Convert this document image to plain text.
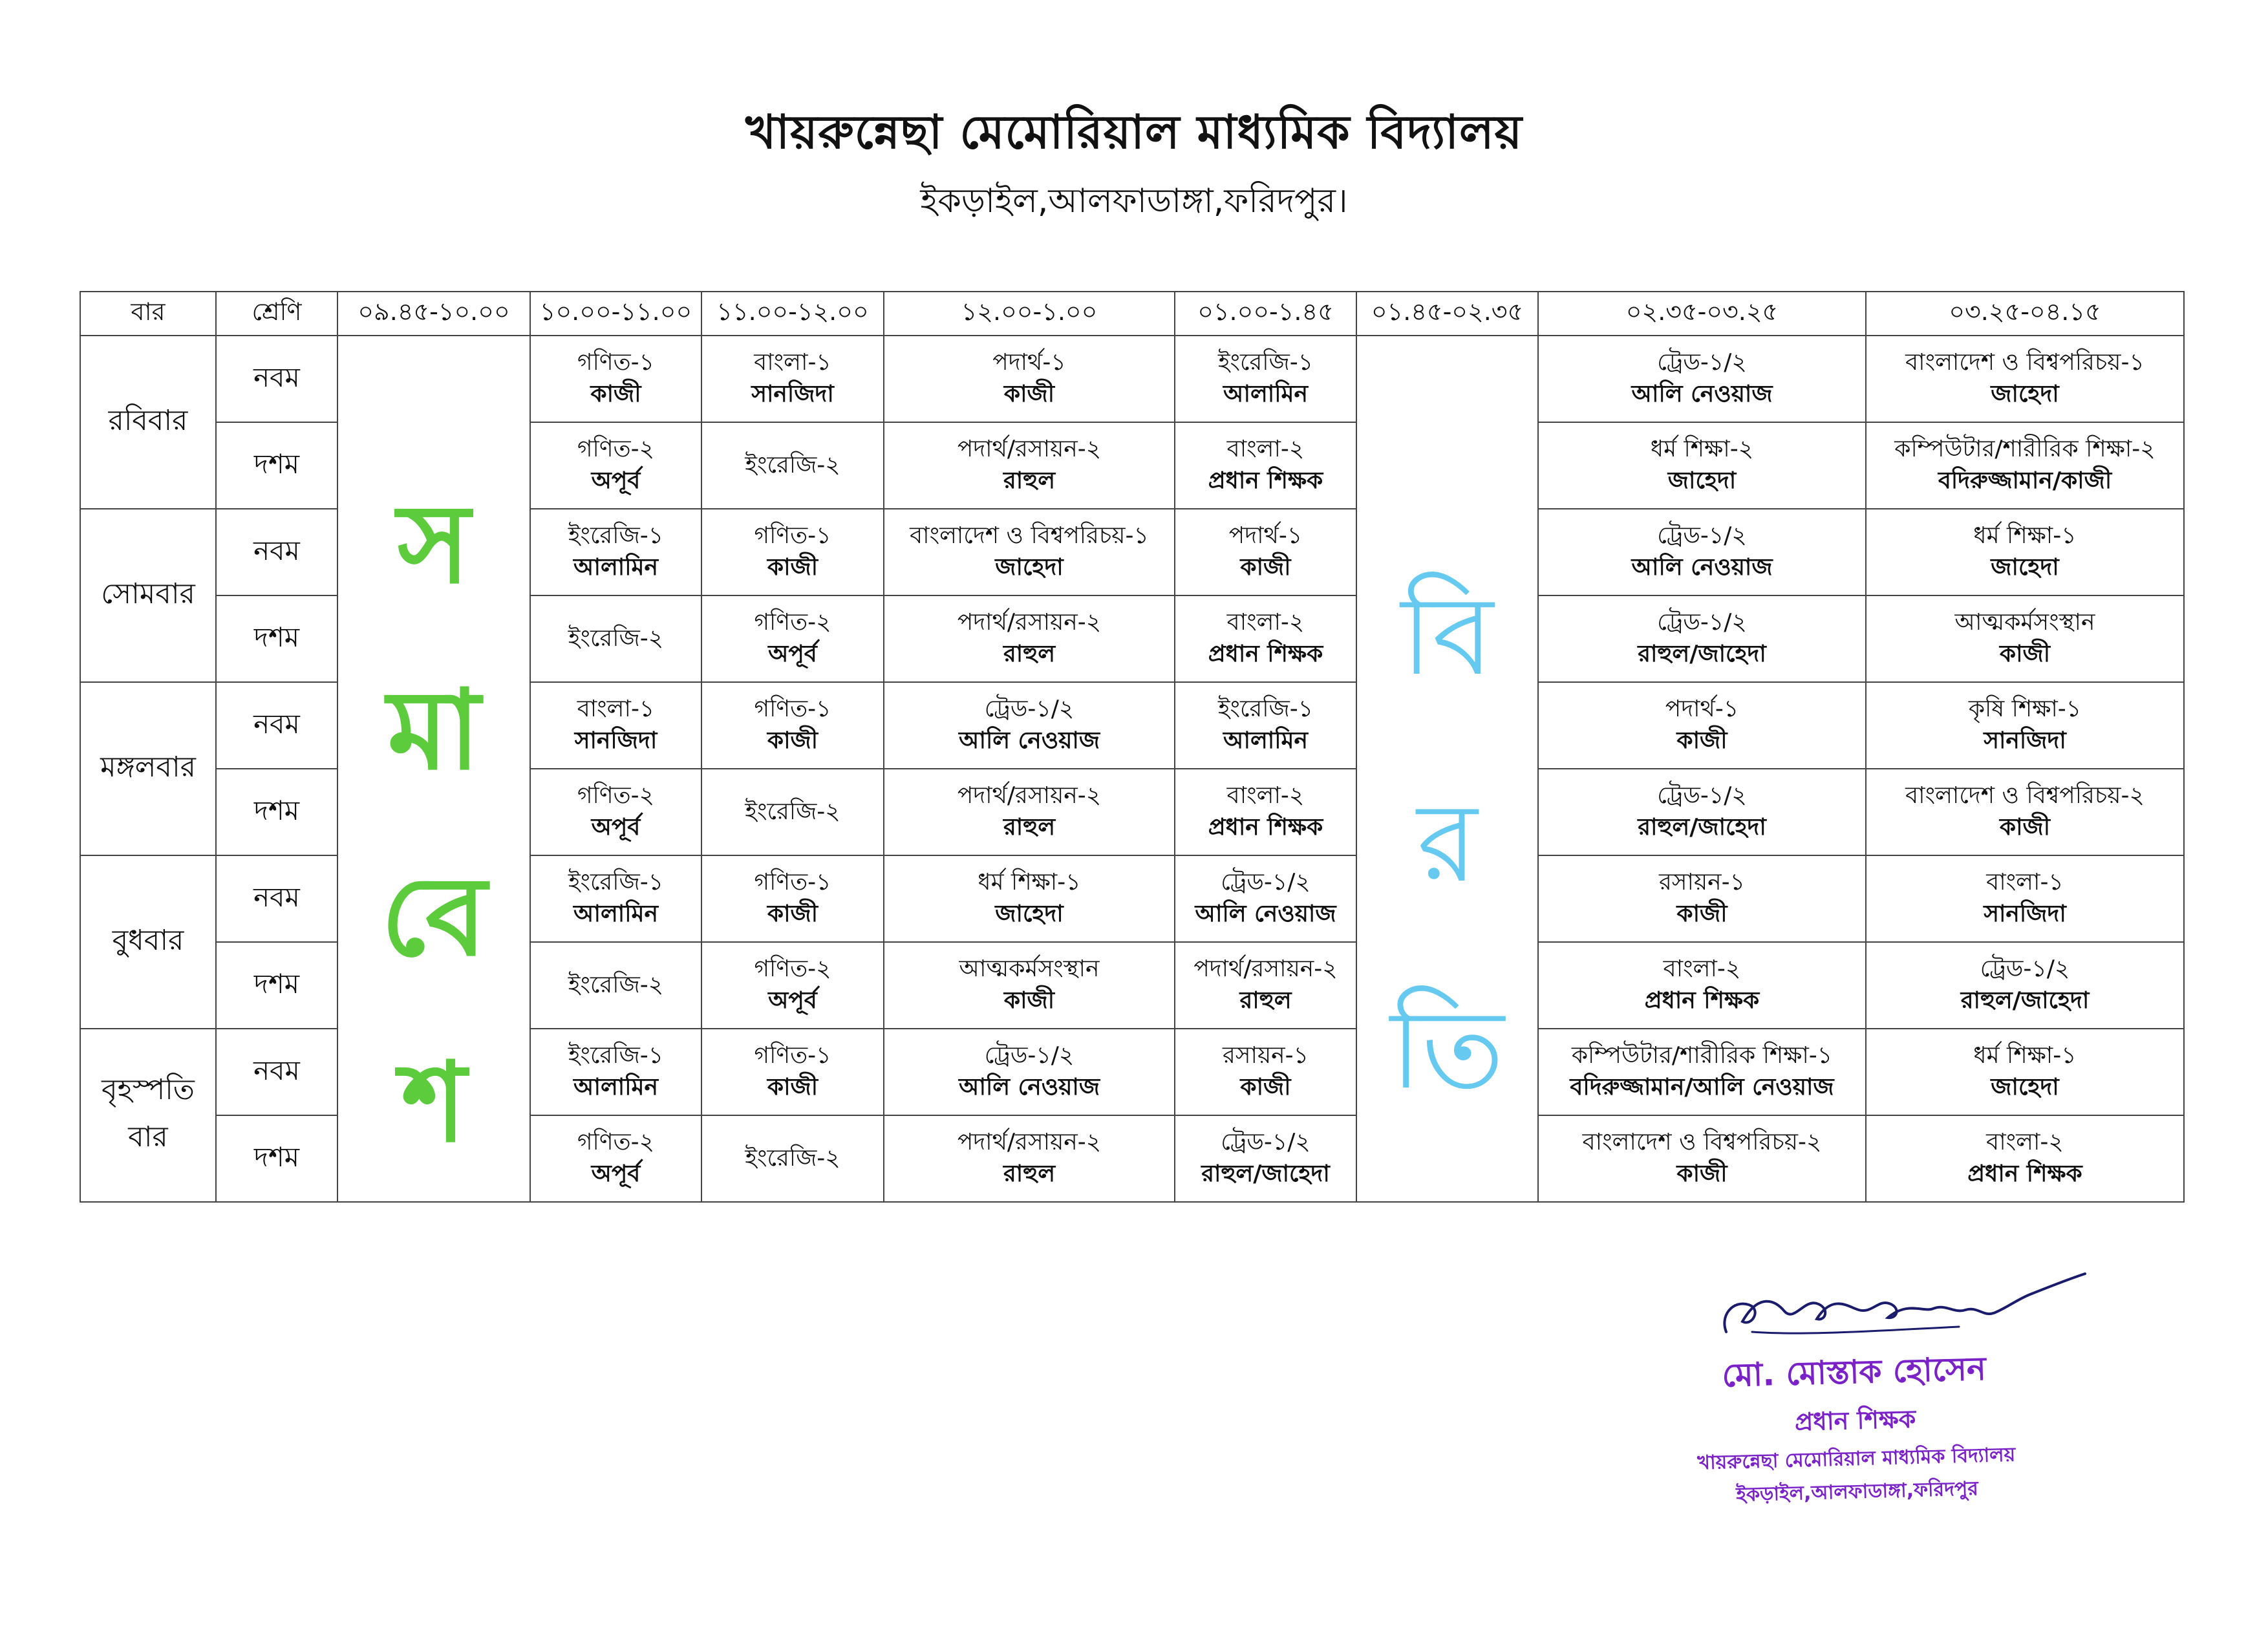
খায়রুন্নেছা মেমোরিয়াল মাধ্যমিক বিদ্যালয়
ইকড়াইল,আলফাডাঙ্গা,ফরিদপুর।
বার	শ্রেণি	০৯.৪৫-১০.০০	১০.০০-১১.০০	১১.০০-১২.০০	১২.০০-১.০০	০১.০০-১.৪৫	০১.৪৫-০২.৩৫	০২.৩৫-০৩.২৫	০৩.২৫-০৪.১৫
রবিবার	নবম	স
মা
বে
শ	গণিত-১
কাজী	বাংলা-১
সানজিদা	পদার্থ-১
কাজী	ইংরেজি-১
আলামিন	বি
র
তি	ট্রেড-১/২
আলি নেওয়াজ	বাংলাদেশ ও বিশ্বপরিচয়-১
জাহেদা

	দশম		গণিত-২
অপূর্ব	ইংরেজি-২	পদার্থ/রসায়ন-২
রাহুল	বাংলা-২
প্রধান শিক্ষক		ধর্ম শিক্ষা-২
জাহেদা	কম্পিউটার/শারীরিক শিক্ষা-২
বদিরুজ্জামান/কাজী

সোমবার	নবম		ইংরেজি-১
আলামিন	গণিত-১
কাজী	বাংলাদেশ ও বিশ্বপরিচয়-১
জাহেদা	পদার্থ-১
কাজী		ট্রেড-১/২
আলি নেওয়াজ	ধর্ম শিক্ষা-১
জাহেদা

	দশম		ইংরেজি-২	গণিত-২
অপূর্ব	পদার্থ/রসায়ন-২
রাহুল	বাংলা-২
প্রধান শিক্ষক		ট্রেড-১/২
রাহুল/জাহেদা	আত্মকর্মসংস্থান
কাজী

মঙ্গলবার	নবম		বাংলা-১
সানজিদা	গণিত-১
কাজী	ট্রেড-১/২
আলি নেওয়াজ	ইংরেজি-১
আলামিন		পদার্থ-১
কাজী	কৃষি শিক্ষা-১
সানজিদা

	দশম		গণিত-২
অপূর্ব	ইংরেজি-২	পদার্থ/রসায়ন-২
রাহুল	বাংলা-২
প্রধান শিক্ষক		ট্রেড-১/২
রাহুল/জাহেদা	বাংলাদেশ ও বিশ্বপরিচয়-২
কাজী

বুধবার	নবম		ইংরেজি-১
আলামিন	গণিত-১
কাজী	ধর্ম শিক্ষা-১
জাহেদা	ট্রেড-১/২
আলি নেওয়াজ		রসায়ন-১
কাজী	বাংলা-১
সানজিদা

	দশম		ইংরেজি-২	গণিত-২
অপূর্ব	আত্মকর্মসংস্থান
কাজী	পদার্থ/রসায়ন-২
রাহুল		বাংলা-২
প্রধান শিক্ষক	ট্রেড-১/২
রাহুল/জাহেদা

বৃহস্পতি বার	নবম		ইংরেজি-১
আলামিন	গণিত-১
কাজী	ট্রেড-১/২
আলি নেওয়াজ	রসায়ন-১
কাজী		কম্পিউটার/শারীরিক শিক্ষা-১
বদিরুজ্জামান/আলি নেওয়াজ	ধর্ম শিক্ষা-১
জাহেদা

	দশম		গণিত-২
অপূর্ব	ইংরেজি-২	পদার্থ/রসায়ন-২
রাহুল	ট্রেড-১/২
রাহুল/জাহেদা		বাংলাদেশ ও বিশ্বপরিচয়-২
কাজী	বাংলা-২
প্রধান শিক্ষক
মো. মোস্তাক হোসেন
প্রধান শিক্ষক
খায়রুন্নেছা মেমোরিয়াল মাধ্যমিক বিদ্যালয়
ইকড়াইল,আলফাডাঙ্গা,ফরিদপুর
